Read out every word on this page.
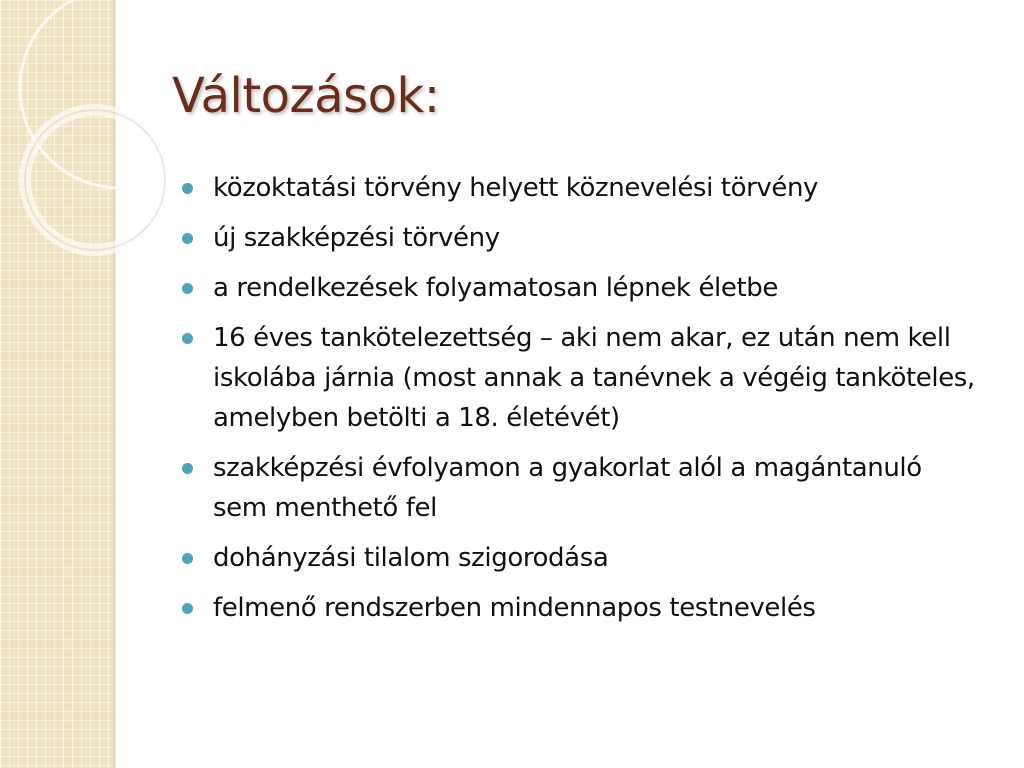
Változások:
közoktatási törvény helyett köznevelési törvény
új szakképzési törvény
a rendelkezések folyamatosan lépnek életbe
16 éves tankötelezettség – aki nem akar, ez után nem kell iskolába járnia (most annak a tanévnek a végéig tanköteles, amelyben betölti a 18. életévét)
szakképzési évfolyamon a gyakorlat alól a magántanuló sem menthető fel
dohányzási tilalom szigorodása
felmenő rendszerben mindennapos testnevelés
